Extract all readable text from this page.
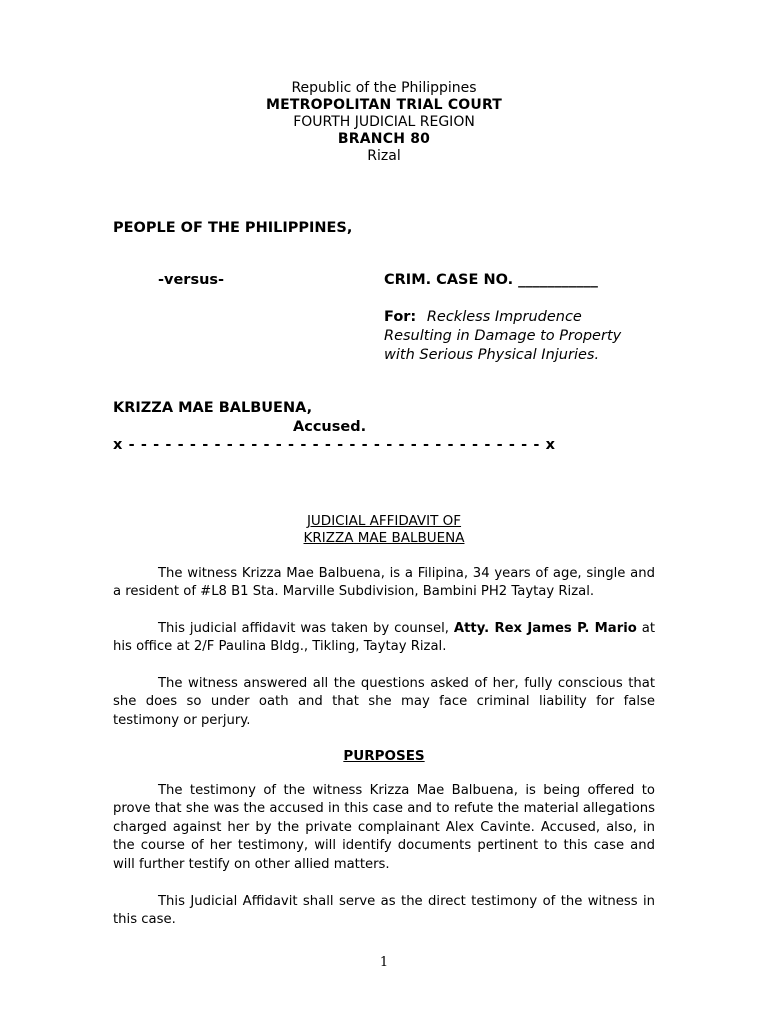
Republic of the Philippines
METROPOLITAN TRIAL COURT
FOURTH JUDICIAL REGION
BRANCH 80
Rizal
PEOPLE OF THE PHILIPPINES,
-versus-	CRIM. CASE NO. ___________
For: Reckless Imprudence
Resulting in Damage to Property
with Serious Physical Injuries.
KRIZZA MAE BALBUENA,
Accused.
x - - - - - - - - - - - - - - - - - - - - - - - - - - - - - - - - - - x
JUDICIAL AFFIDAVIT OF
KRIZZA MAE BALBUENA
The witness Krizza Mae Balbuena, is a Filipina, 34 years of age, single and a resident of #L8 B1 Sta. Marville Subdivision, Bambini PH2 Taytay Rizal.
This judicial affidavit was taken by counsel, Atty. Rex James P. Mario at his office at 2/F Paulina Bldg., Tikling, Taytay Rizal.
The witness answered all the questions asked of her, fully conscious that she does so under oath and that she may face criminal liability for false testimony or perjury.
PURPOSES
The testimony of the witness Krizza Mae Balbuena, is being offered to prove that she was the accused in this case and to refute the material allegations charged against her by the private complainant Alex Cavinte. Accused, also, in the course of her testimony, will identify documents pertinent to this case and will further testify on other allied matters.
This Judicial Affidavit shall serve as the direct testimony of the witness in this case.
1
